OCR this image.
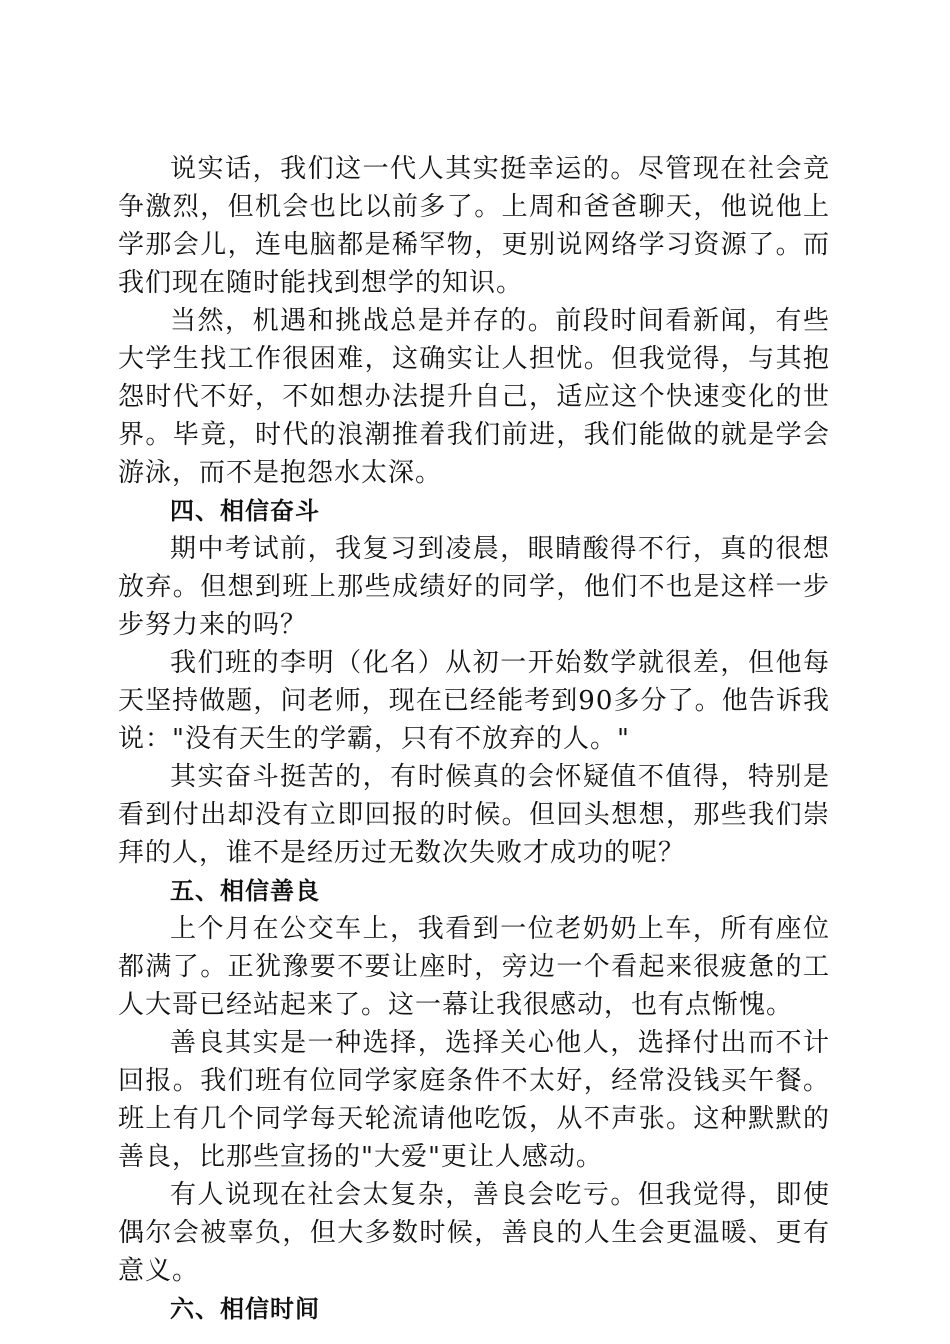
说实话，我们这一代人其实挺幸运的。尽管现在社会竞争激烈，但机会也比以前多了。上周和爸爸聊天，他说他上学那会儿，连电脑都是稀罕物，更别说网络学习资源了。而我们现在随时能找到想学的知识。

当然，机遇和挑战总是并存的。前段时间看新闻，有些大学生找工作很困难，这确实让人担忧。但我觉得，与其抱怨时代不好，不如想办法提升自己，适应这个快速变化的世界。毕竟，时代的浪潮推着我们前进，我们能做的就是学会游泳，而不是抱怨水太深。

四、相信奋斗

期中考试前，我复习到凌晨，眼睛酸得不行，真的很想放弃。但想到班上那些成绩好的同学，他们不也是这样一步步努力来的吗？

我们班的李明（化名）从初一开始数学就很差，但他每天坚持做题，问老师，现在已经能考到90多分了。他告诉我说："没有天生的学霸，只有不放弃的人。"

其实奋斗挺苦的，有时候真的会怀疑值不值得，特别是看到付出却没有立即回报的时候。但回头想想，那些我们崇拜的人，谁不是经历过无数次失败才成功的呢？

五、相信善良

上个月在公交车上，我看到一位老奶奶上车，所有座位都满了。正犹豫要不要让座时，旁边一个看起来很疲惫的工人大哥已经站起来了。这一幕让我很感动，也有点惭愧。

善良其实是一种选择，选择关心他人，选择付出而不计回报。我们班有位同学家庭条件不太好，经常没钱买午餐。班上有几个同学每天轮流请他吃饭，从不声张。这种默默的善良，比那些宣扬的"大爱"更让人感动。

有人说现在社会太复杂，善良会吃亏。但我觉得，即使偶尔会被辜负，但大多数时候，善良的人生会更温暖、更有意义。

六、相信时间
